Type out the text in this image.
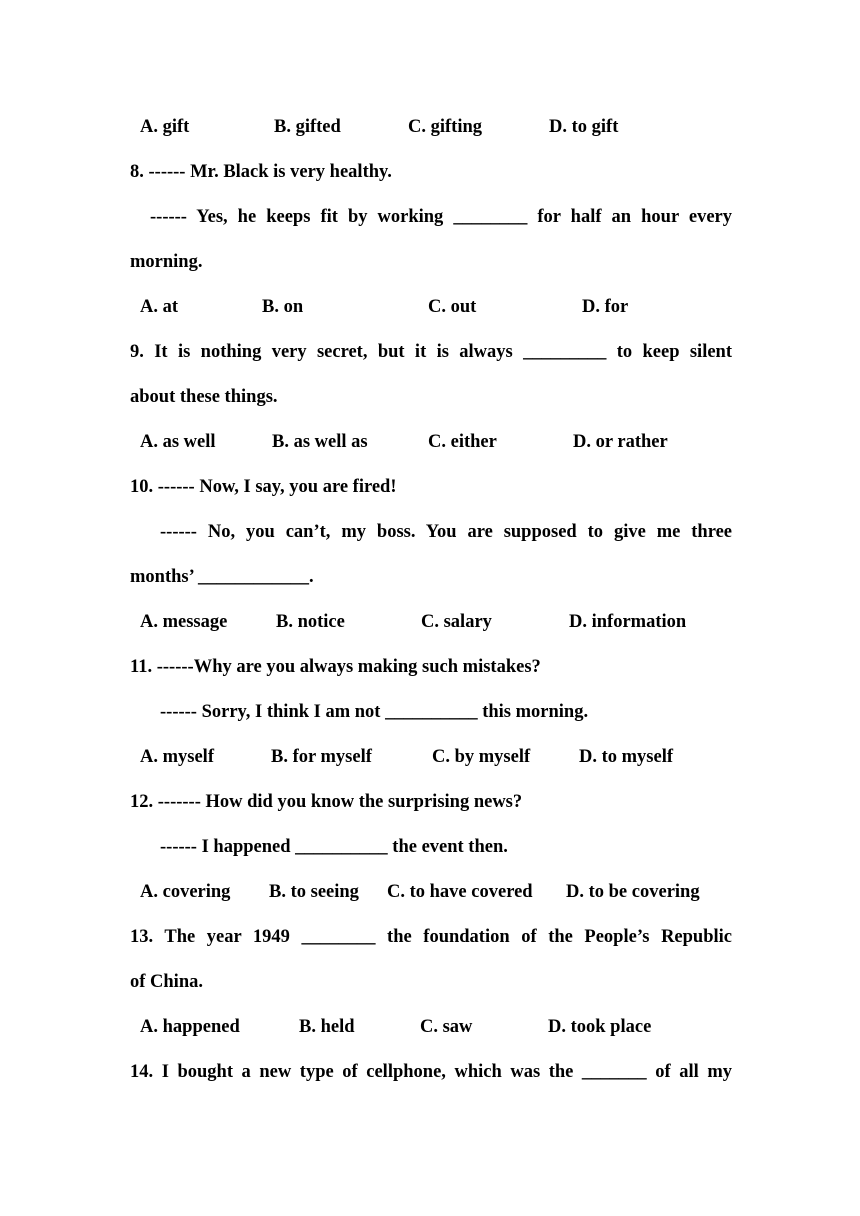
A. gift	B. gifted	C. gifting	D. to gift
8. ------ Mr. Black is very healthy.
------ Yes, he keeps fit by working ________ for half an hour every
morning.
A. at	B. on	C. out	D. for
9. It is nothing very secret, but it is always _________ to keep silent
about these things.
A. as well	B. as well as	C. either	D. or rather
10. ------ Now, I say, you are fired!
------ No, you can’t, my boss. You are supposed to give me three
months’ ____________.
A. message	B. notice	C. salary	D. information
11. ------Why are you always making such mistakes?
------ Sorry, I think I am not __________ this morning.
A. myself	B. for myself	C. by myself	D. to myself
12. ------- How did you know the surprising news?
------ I happened __________ the event then.
A. covering B. to seeing C. to have covered D. to be covering
13. The year 1949 ________ the foundation of the People’s Republic
of China.
A. happened	B. held	C. saw	D. took place
14. I bought a new type of cellphone, which was the _______ of all my
